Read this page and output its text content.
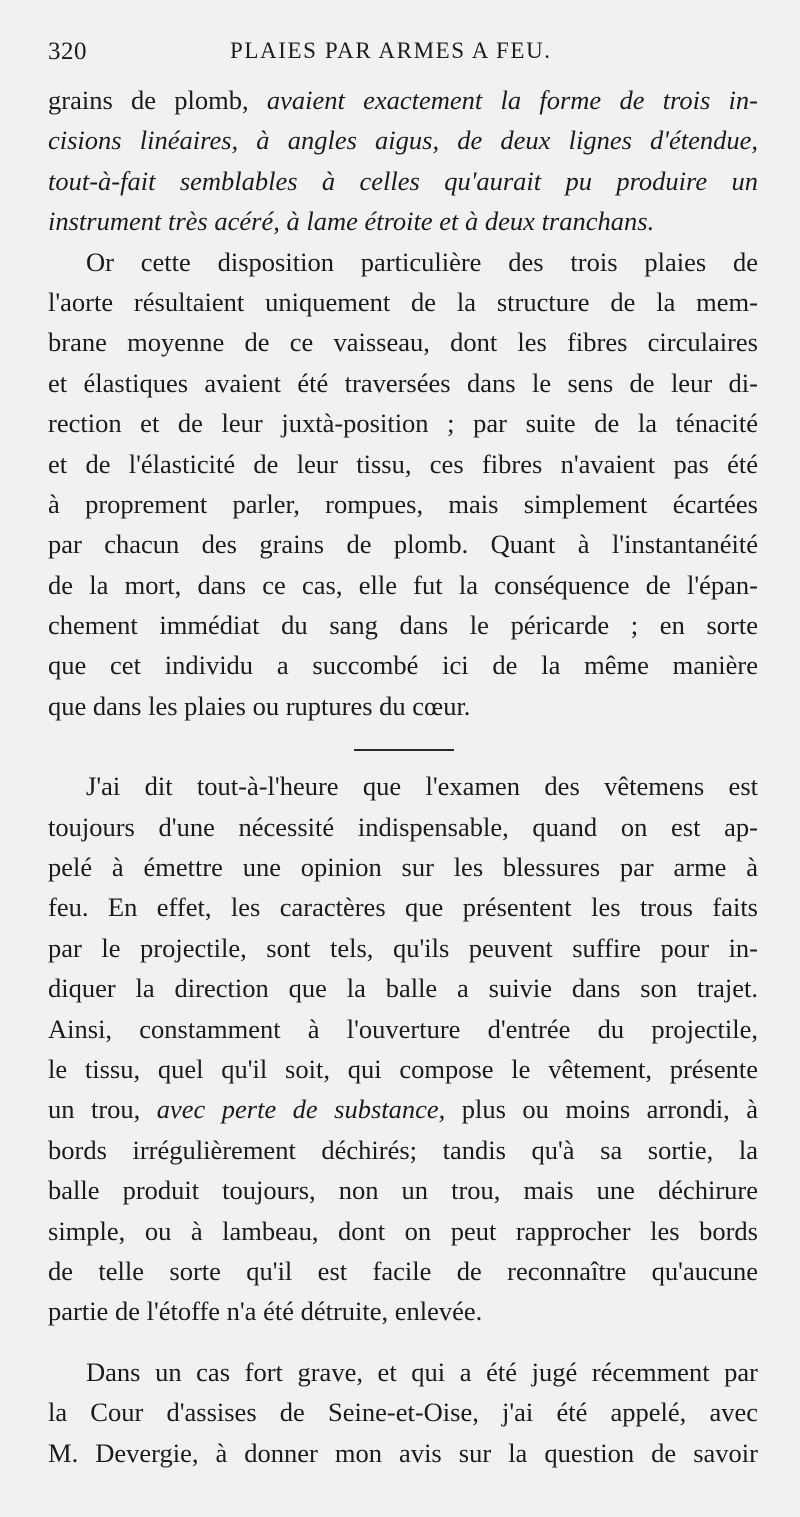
320	PLAIES PAR ARMES A FEU.
grains de plomb, avaient exactement la forme de trois in-
cisions linéaires, à angles aigus, de deux lignes d'étendue,
tout-à-fait semblables à celles qu'aurait pu produire un
instrument très acéré, à lame étroite et à deux tranchans.
Or cette disposition particulière des trois plaies de
l'aorte résultaient uniquement de la structure de la mem-
brane moyenne de ce vaisseau, dont les fibres circulaires
et élastiques avaient été traversées dans le sens de leur di-
rection et de leur juxtà-position ; par suite de la ténacité
et de l'élasticité de leur tissu, ces fibres n'avaient pas été
à proprement parler, rompues, mais simplement écartées
par chacun des grains de plomb. Quant à l'instantanéité
de la mort, dans ce cas, elle fut la conséquence de l'épan-
chement immédiat du sang dans le péricarde ; en sorte
que cet individu a succombé ici de la même manière
que dans les plaies ou ruptures du cœur.
J'ai dit tout-à-l'heure que l'examen des vêtemens est
toujours d'une nécessité indispensable, quand on est ap-
pelé à émettre une opinion sur les blessures par arme à
feu. En effet, les caractères que présentent les trous faits
par le projectile, sont tels, qu'ils peuvent suffire pour in-
diquer la direction que la balle a suivie dans son trajet.
Ainsi, constamment à l'ouverture d'entrée du projectile,
le tissu, quel qu'il soit, qui compose le vêtement, présente
un trou, avec perte de substance, plus ou moins arrondi, à
bords irrégulièrement déchirés; tandis qu'à sa sortie, la
balle produit toujours, non un trou, mais une déchirure
simple, ou à lambeau, dont on peut rapprocher les bords
de telle sorte qu'il est facile de reconnaître qu'aucune
partie de l'étoffe n'a été détruite, enlevée.
Dans un cas fort grave, et qui a été jugé récemment par
la Cour d'assises de Seine-et-Oise, j'ai été appelé, avec
M. Devergie, à donner mon avis sur la question de savoir
